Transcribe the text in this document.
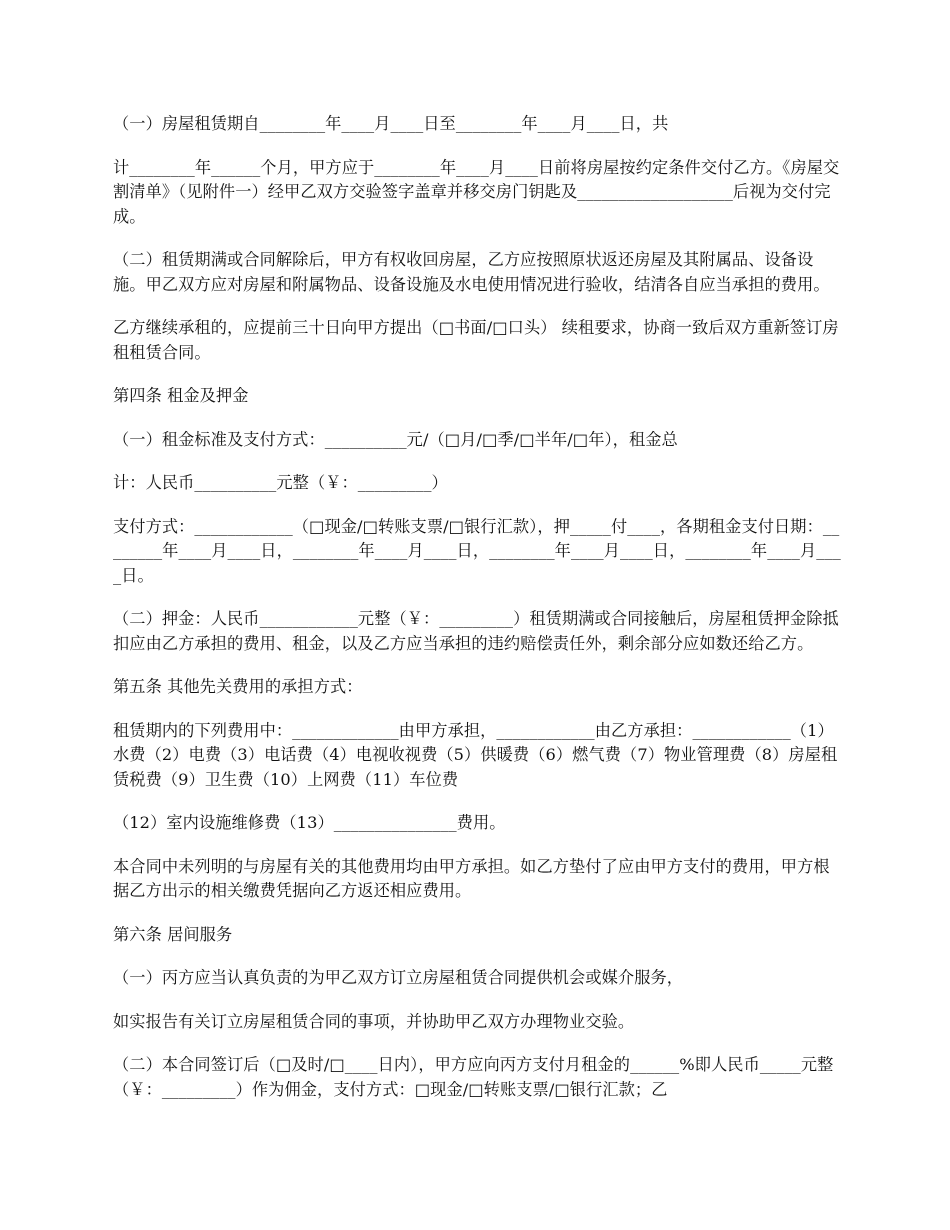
（一）房屋租赁期自________年____月____日至________年____月____日，共

计________年______个月，甲方应于________年____月____日前将房屋按约定条件交付乙方。《房屋交割清单》（见附件一）经甲乙双方交验签字盖章并移交房门钥匙及___________________后视为交付完成。

（二）租赁期满或合同解除后，甲方有权收回房屋，乙方应按照原状返还房屋及其附属品、设备设施。甲乙双方应对房屋和附属物品、设备设施及水电使用情况进行验收，结清各自应当承担的费用。

乙方继续承租的，应提前三十日向甲方提出（□书面/□口头） 续租要求，协商一致后双方重新签订房租租赁合同。

第四条 租金及押金

（一）租金标准及支付方式：__________元/（□月/□季/□半年/□年），租金总

计：人民币__________元整（￥：_________）

支付方式：____________（□现金/□转账支票/□银行汇款），押_____付____，各期租金支付日期：________年____月____日，________年____月____日，________年____月____日，________年____月____日。

（二）押金：人民币____________元整（￥：_________）租赁期满或合同接触后，房屋租赁押金除抵扣应由乙方承担的费用、租金，以及乙方应当承担的违约赔偿责任外，剩余部分应如数还给乙方。

第五条 其他先关费用的承担方式：

租赁期内的下列费用中：_____________由甲方承担，____________由乙方承担：____________（1）水费（2）电费（3）电话费（4）电视收视费（5）供暖费（6）燃气费（7）物业管理费（8）房屋租赁税费（9）卫生费（10）上网费（11）车位费

（12）室内设施维修费（13）_______________费用。

本合同中未列明的与房屋有关的其他费用均由甲方承担。如乙方垫付了应由甲方支付的费用，甲方根据乙方出示的相关缴费凭据向乙方返还相应费用。

第六条 居间服务

（一）丙方应当认真负责的为甲乙双方订立房屋租赁合同提供机会或媒介服务，

如实报告有关订立房屋租赁合同的事项，并协助甲乙双方办理物业交验。

（二）本合同签订后（□及时/□____日内），甲方应向丙方支付月租金的______%即人民币_____元整（￥：_________）作为佣金，支付方式：□现金/□转账支票/□银行汇款；乙
